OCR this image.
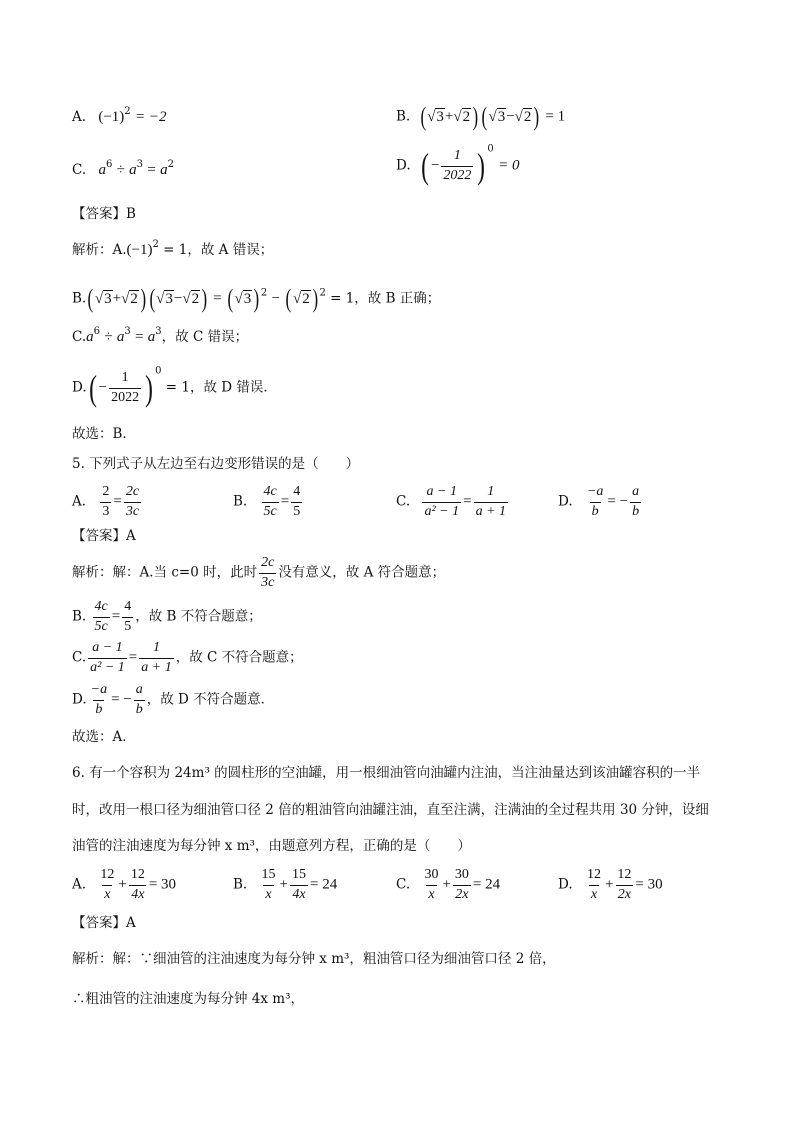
A. $(-1)^2 = -2$	B. ( √3+√2) ( √3−√2) = 1
C. $a^6 \div a^3 = a^2$	D. ( − $\frac{1}{2022}$ ) $^0$ = 0
【答案】B
解析：$A.(-1)^2 = 1$，故 A 错误；
B.( √3+√2) ( √3−√2) = ( √3) $^2$ − ( √2) $^2$ = 1，故 B 正确；
$C.a^6 \div a^3 = a^3$，故 C 错误；
$D.( - \frac{1}{2022}$ ) $^0$ = 1，故 D 错误．
故选：B．
5. 下列式子从左边至右边变形错误的是（　　）
A. $\frac{2}{3} = \frac{2c}{3c}$	B. $\frac{4c}{5c} = \frac{4}{5}$	C. $\frac{a - 1}{\text{a² − 1}} = \frac{1}{a + 1}$	D. $\frac{-a}{b}$ = − $\frac{a}{b}$
【答案】A
解析：解：A.当 c=0 时，此时 $\frac{2c}{3c}$ 没有意义，故 A 符合题意；
B. $\frac{4c}{5c} = \frac{4}{5}$ ，故 B 不符合题意；
C. $\frac{a - 1}{\text{a² − 1}} = \frac{1}{a + 1}$ ，故 C 不符合题意；
D. $\frac{-a}{b}$ = − $\frac{a}{b}$ ，故 D 不符合题意．
故选：A．
6. 有一个容积为 24m³ 的圆柱形的空油罐，用一根细油管向油罐内注油，当注油量达到该油罐容积的一半
时，改用一根口径为细油管口径 2 倍的粗油管向油罐注油，直至注满，注满油的全过程共用 30 分钟，设细
油管的注油速度为每分钟 x m³，由题意列方程，正确的是（　　）
A. $\frac{12}{x} + \frac{12}{4x} = 30$	B. $\frac{15}{x} + \frac{15}{4x} = 24$	C. $\frac{30}{x} + \frac{30}{2x} = 24$	D. $\frac{12}{x} + \frac{12}{2x} = 30$
【答案】A
解析：解：∵细油管的注油速度为每分钟 x m³，粗油管口径为细油管口径 2 倍，
∴粗油管的注油速度为每分钟 4x m³，
